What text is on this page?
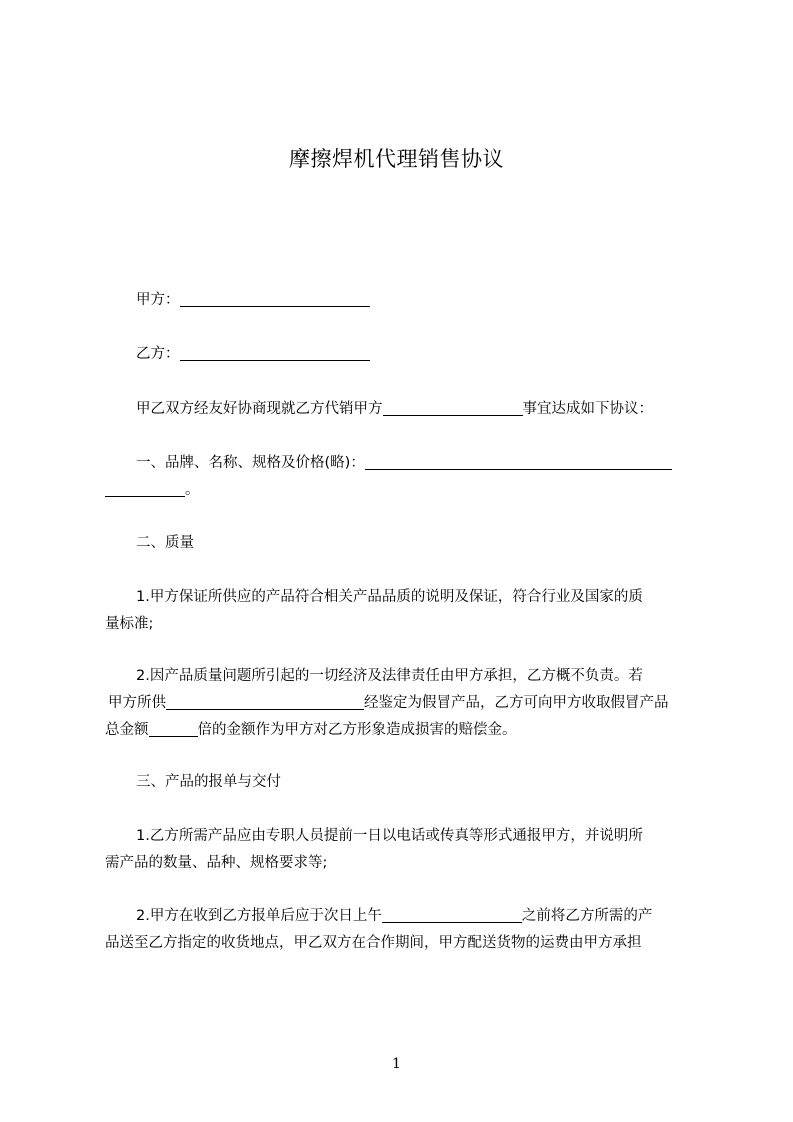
摩擦焊机代理销售协议
甲方：
乙方：
甲乙双方经友好协商现就乙方代销甲方	事宜达成如下协议：
一、品牌、名称、规格及价格(略)：
。
二、质量
1.甲方保证所供应的产品符合相关产品品质的说明及保证，符合行业及国家的质
量标准;
2.因产品质量问题所引起的一切经济及法律责任由甲方承担，乙方概不负责。若
甲方所供	经鉴定为假冒产品，乙方可向甲方收取假冒产品
总金额	倍的金额作为甲方对乙方形象造成损害的赔偿金。
三、产品的报单与交付
1.乙方所需产品应由专职人员提前一日以电话或传真等形式通报甲方，并说明所
需产品的数量、品种、规格要求等;
2.甲方在收到乙方报单后应于次日上午	之前将乙方所需的产
品送至乙方指定的收货地点，甲乙双方在合作期间，甲方配送货物的运费由甲方承担
1
